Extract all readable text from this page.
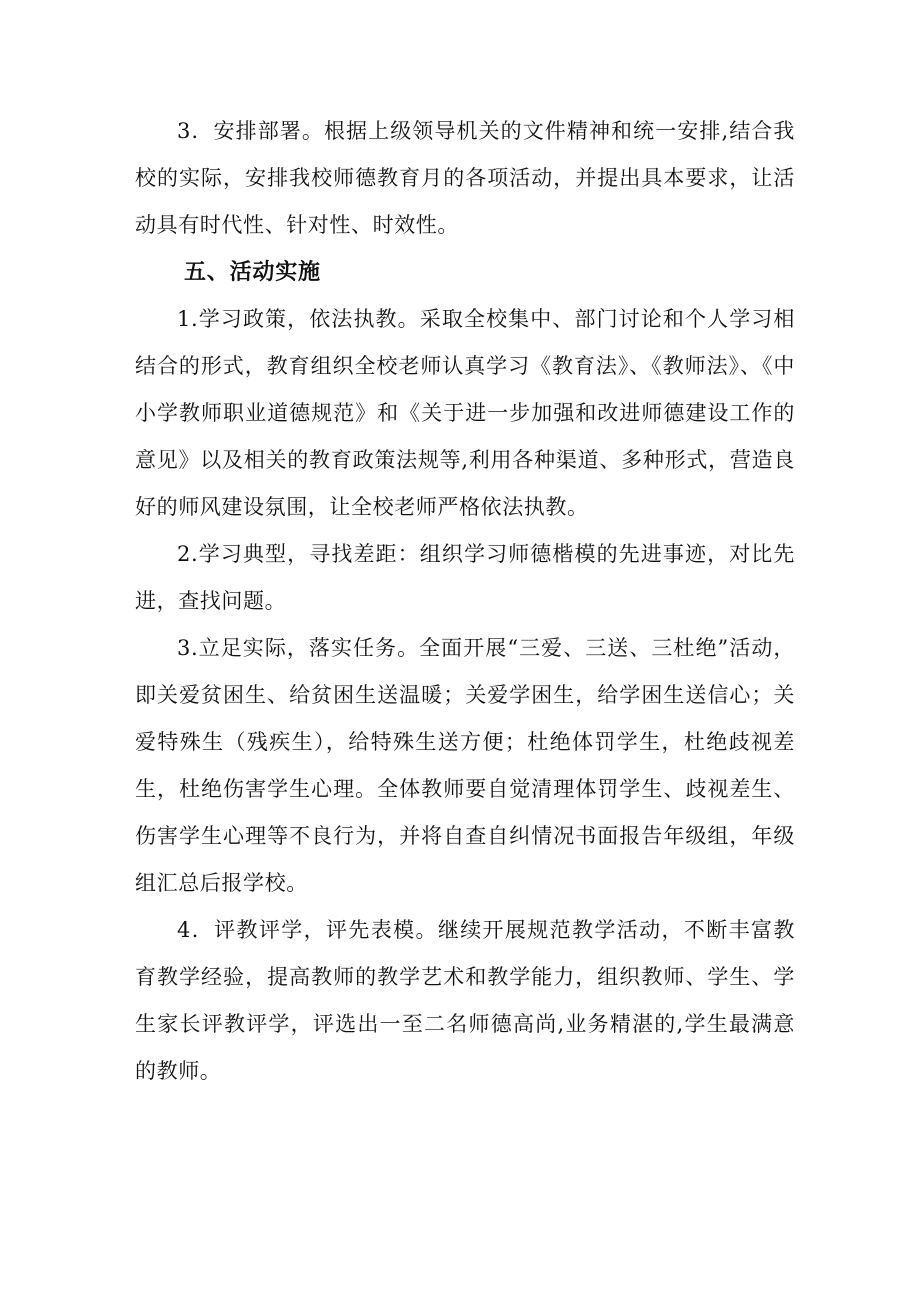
3．安排部署。根据上级领导机关的文件精神和统一安排,结合我校的实际，安排我校师德教育月的各项活动，并提出具本要求，让活动具有时代性、针对性、时效性。

五、活动实施

1.学习政策，依法执教。采取全校集中、部门讨论和个人学习相结合的形式，教育组织全校老师认真学习《教育法》、《教师法》、《中小学教师职业道德规范》和《关于进一步加强和改进师德建设工作的意见》以及相关的教育政策法规等,利用各种渠道、多种形式，营造良好的师风建设氛围，让全校老师严格依法执教。

2.学习典型，寻找差距：组织学习师德楷模的先进事迹，对比先进，查找问题。

3.立足实际，落实任务。全面开展“三爱、三送、三杜绝”活动，即关爱贫困生、给贫困生送温暖；关爱学困生，给学困生送信心；关爱特殊生（残疾生），给特殊生送方便；杜绝体罚学生，杜绝歧视差生，杜绝伤害学生心理。全体教师要自觉清理体罚学生、歧视差生、伤害学生心理等不良行为，并将自查自纠情况书面报告年级组，年级组汇总后报学校。

4．评教评学，评先表模。继续开展规范教学活动，不断丰富教育教学经验，提高教师的教学艺术和教学能力，组织教师、学生、学生家长评教评学，评选出一至二名师德高尚,业务精湛的,学生最满意的教师。
